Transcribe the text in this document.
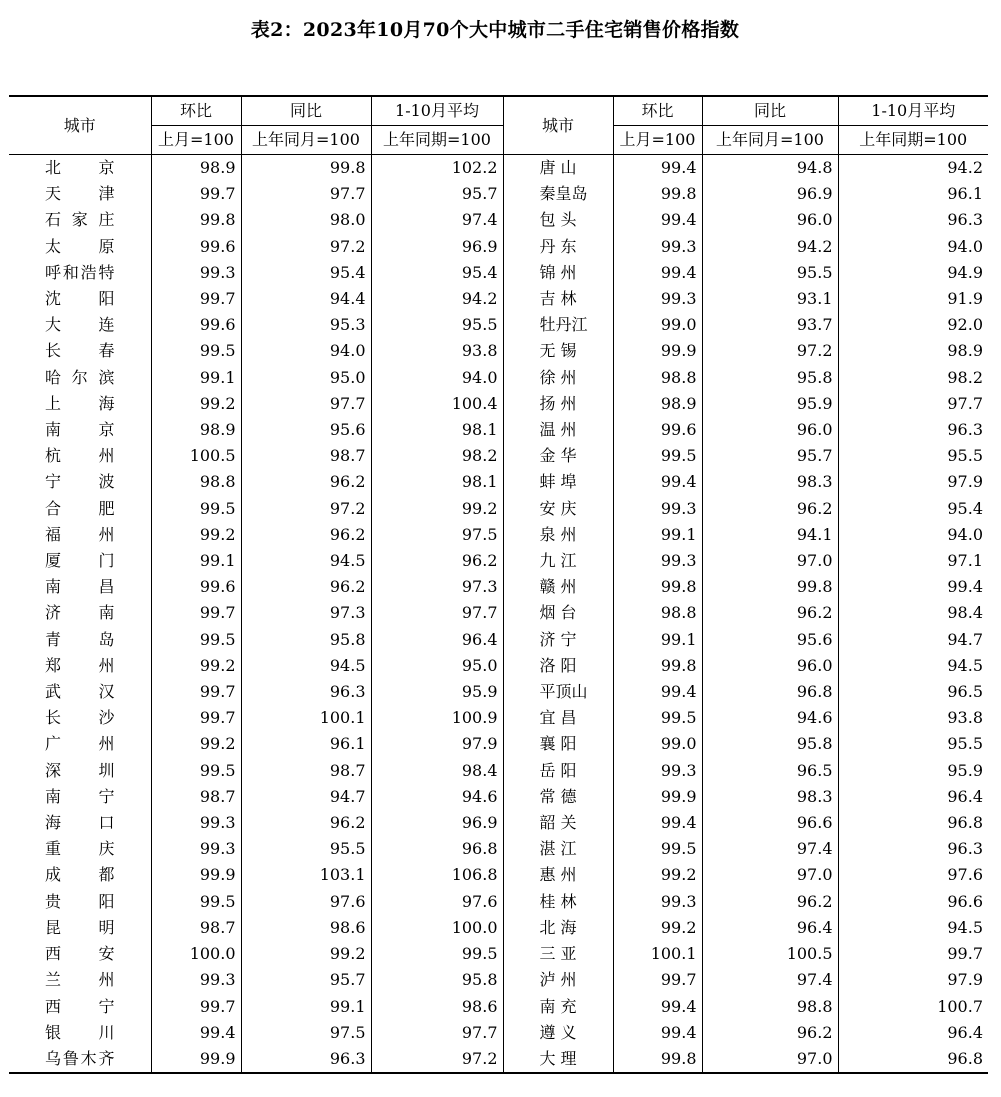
表2：2023年10月70个大中城市二手住宅销售价格指数
城市	环比	同比	1-10月平均	城市	环比	同比	1-10月平均
	上月=100	上年同月=100	上年同期=100		上月=100	上年同月=100	上年同期=100
北京	98.9	99.8	102.2	唐山	99.4	94.8	94.2
天津	99.7	97.7	95.7	秦皇岛	99.8	96.9	96.1
石家庄	99.8	98.0	97.4	包头	99.4	96.0	96.3
太原	99.6	97.2	96.9	丹东	99.3	94.2	94.0
呼和浩特	99.3	95.4	95.4	锦州	99.4	95.5	94.9
沈阳	99.7	94.4	94.2	吉林	99.3	93.1	91.9
大连	99.6	95.3	95.5	牡丹江	99.0	93.7	92.0
长春	99.5	94.0	93.8	无锡	99.9	97.2	98.9
哈尔滨	99.1	95.0	94.0	徐州	98.8	95.8	98.2
上海	99.2	97.7	100.4	扬州	98.9	95.9	97.7
南京	98.9	95.6	98.1	温州	99.6	96.0	96.3
杭州	100.5	98.7	98.2	金华	99.5	95.7	95.5
宁波	98.8	96.2	98.1	蚌埠	99.4	98.3	97.9
合肥	99.5	97.2	99.2	安庆	99.3	96.2	95.4
福州	99.2	96.2	97.5	泉州	99.1	94.1	94.0
厦门	99.1	94.5	96.2	九江	99.3	97.0	97.1
南昌	99.6	96.2	97.3	赣州	99.8	99.8	99.4
济南	99.7	97.3	97.7	烟台	98.8	96.2	98.4
青岛	99.5	95.8	96.4	济宁	99.1	95.6	94.7
郑州	99.2	94.5	95.0	洛阳	99.8	96.0	94.5
武汉	99.7	96.3	95.9	平顶山	99.4	96.8	96.5
长沙	99.7	100.1	100.9	宜昌	99.5	94.6	93.8
广州	99.2	96.1	97.9	襄阳	99.0	95.8	95.5
深圳	99.5	98.7	98.4	岳阳	99.3	96.5	95.9
南宁	98.7	94.7	94.6	常德	99.9	98.3	96.4
海口	99.3	96.2	96.9	韶关	99.4	96.6	96.8
重庆	99.3	95.5	96.8	湛江	99.5	97.4	96.3
成都	99.9	103.1	106.8	惠州	99.2	97.0	97.6
贵阳	99.5	97.6	97.6	桂林	99.3	96.2	96.6
昆明	98.7	98.6	100.0	北海	99.2	96.4	94.5
西安	100.0	99.2	99.5	三亚	100.1	100.5	99.7
兰州	99.3	95.7	95.8	泸州	99.7	97.4	97.9
西宁	99.7	99.1	98.6	南充	99.4	98.8	100.7
银川	99.4	97.5	97.7	遵义	99.4	96.2	96.4
乌鲁木齐	99.9	96.3	97.2	大理	99.8	97.0	96.8
